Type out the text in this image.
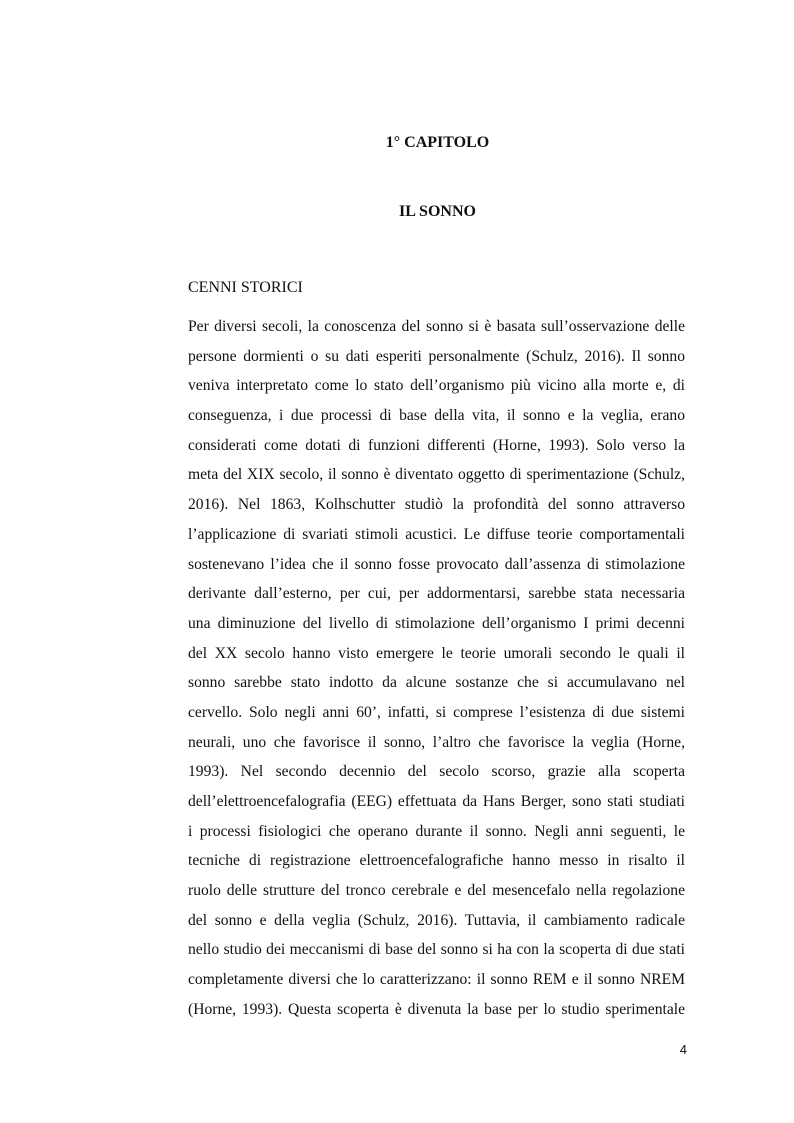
1° CAPITOLO
IL SONNO
CENNI STORICI
Per diversi secoli, la conoscenza del sonno si è basata sull’osservazione delle
persone dormienti o su dati esperiti personalmente (Schulz, 2016). Il sonno
veniva interpretato come lo stato dell’organismo più vicino alla morte e, di
conseguenza, i due processi di base della vita, il sonno e la veglia, erano
considerati come dotati di funzioni differenti (Horne, 1993). Solo verso la
meta del XIX secolo, il sonno è diventato oggetto di sperimentazione (Schulz,
2016). Nel 1863, Kolhschutter studiò la profondità del sonno attraverso
l’applicazione di svariati stimoli acustici. Le diffuse teorie comportamentali
sostenevano l’idea che il sonno fosse provocato dall’assenza di stimolazione
derivante dall’esterno, per cui, per addormentarsi, sarebbe stata necessaria
una diminuzione del livello di stimolazione dell’organismo I primi decenni
del XX secolo hanno visto emergere le teorie umorali secondo le quali il
sonno sarebbe stato indotto da alcune sostanze che si accumulavano nel
cervello. Solo negli anni 60’, infatti, si comprese l’esistenza di due sistemi
neurali, uno che favorisce il sonno, l’altro che favorisce la veglia (Horne,
1993). Nel secondo decennio del secolo scorso, grazie alla scoperta
dell’elettroencefalografia (EEG) effettuata da Hans Berger, sono stati studiati
i processi fisiologici che operano durante il sonno. Negli anni seguenti, le
tecniche di registrazione elettroencefalografiche hanno messo in risalto il
ruolo delle strutture del tronco cerebrale e del mesencefalo nella regolazione
del sonno e della veglia (Schulz, 2016). Tuttavia, il cambiamento radicale
nello studio dei meccanismi di base del sonno si ha con la scoperta di due stati
completamente diversi che lo caratterizzano: il sonno REM e il sonno NREM
(Horne, 1993). Questa scoperta è divenuta la base per lo studio sperimentale
4
